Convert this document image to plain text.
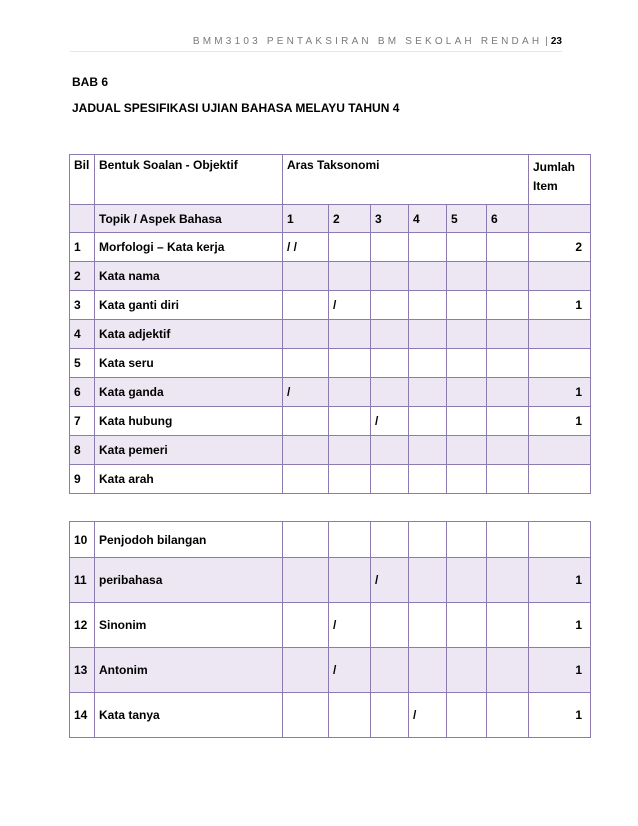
BMM3103 PENTAKSIRAN BM SEKOLAH RENDAH | 23
BAB 6
JADUAL SPESIFIKASI UJIAN BAHASA MELAYU TAHUN 4
Bil	Bentuk Soalan - Objektif	Aras Taksonomi						Jumlah
Item
	Topik / Aspek Bahasa	1	2	3	4	5	6	
1	Morfologi – Kata kerja	/ /						2
2	Kata nama							
3	Kata ganti diri		/					1
4	Kata adjektif							
5	Kata seru							
6	Kata ganda	/						1
7	Kata hubung			/				1
8	Kata pemeri							
9	Kata arah							
10	Penjodoh bilangan							
11	peribahasa			/				1
12	Sinonim		/					1
13	Antonim		/					1
14	Kata tanya				/			1
